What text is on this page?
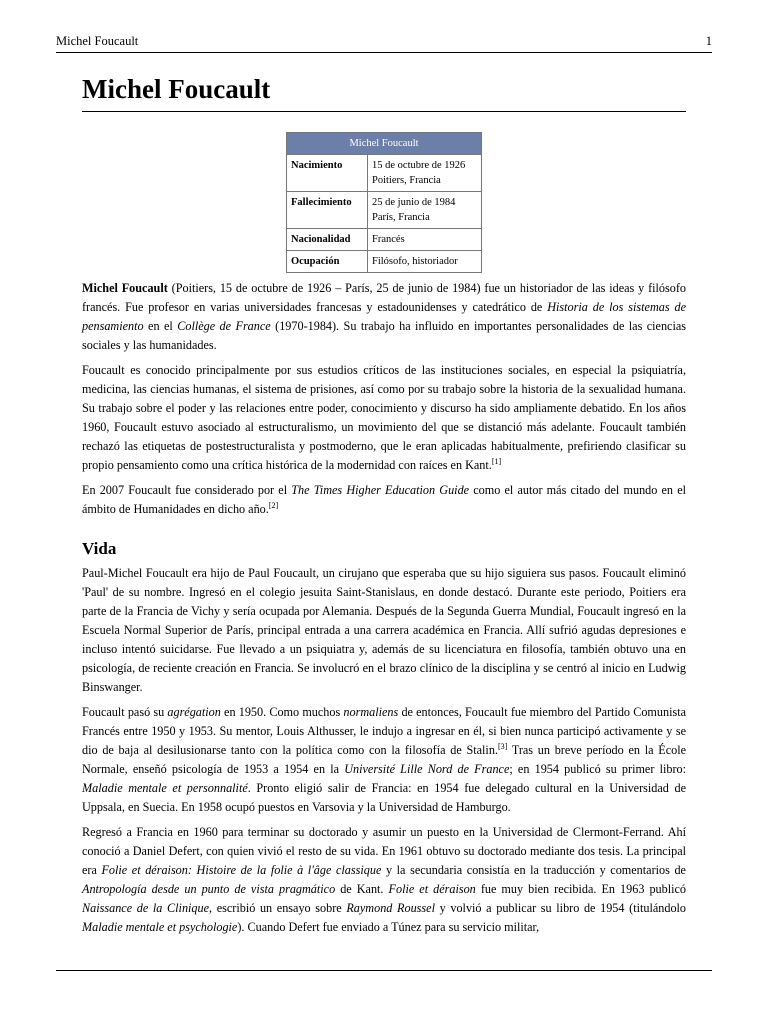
Michel Foucault	1
Michel Foucault
Michel Foucault	
Nacimiento	15 de octubre de 1926
Poitiers, Francia
Fallecimiento	25 de junio de 1984
París, Francia
Nacionalidad	Francés
Ocupación	Filósofo, historiador

Michel Foucault (Poitiers, 15 de octubre de 1926 – París, 25 de junio de 1984) fue un historiador de las ideas y filósofo francés. Fue profesor en varias universidades francesas y estadounidenses y catedrático de Historia de los sistemas de pensamiento en el Collège de France (1970-1984). Su trabajo ha influido en importantes personalidades de las ciencias sociales y las humanidades.

Foucault es conocido principalmente por sus estudios críticos de las instituciones sociales, en especial la psiquiatría, medicina, las ciencias humanas, el sistema de prisiones, así como por su trabajo sobre la historia de la sexualidad humana. Su trabajo sobre el poder y las relaciones entre poder, conocimiento y discurso ha sido ampliamente debatido. En los años 1960, Foucault estuvo asociado al estructuralismo, un movimiento del que se distanció más adelante. Foucault también rechazó las etiquetas de postestructuralista y postmoderno, que le eran aplicadas habitualmente, prefiriendo clasificar su propio pensamiento como una crítica histórica de la modernidad con raíces en Kant.[1]

En 2007 Foucault fue considerado por el The Times Higher Education Guide como el autor más citado del mundo en el ámbito de Humanidades en dicho año.[2]

Vida

Paul-Michel Foucault era hijo de Paul Foucault, un cirujano que esperaba que su hijo siguiera sus pasos. Foucault eliminó 'Paul' de su nombre. Ingresó en el colegio jesuita Saint-Stanislaus, en donde destacó. Durante este periodo, Poitiers era parte de la Francia de Vichy y sería ocupada por Alemania. Después de la Segunda Guerra Mundial, Foucault ingresó en la Escuela Normal Superior de París, principal entrada a una carrera académica en Francia. Allí sufrió agudas depresiones e incluso intentó suicidarse. Fue llevado a un psiquiatra y, además de su licenciatura en filosofía, también obtuvo una en psicología, de reciente creación en Francia. Se involucró en el brazo clínico de la disciplina y se centró al inicio en Ludwig Binswanger.

Foucault pasó su agrégation en 1950. Como muchos normaliens de entonces, Foucault fue miembro del Partido Comunista Francés entre 1950 y 1953. Su mentor, Louis Althusser, le indujo a ingresar en él, si bien nunca participó activamente y se dio de baja al desilusionarse tanto con la política como con la filosofía de Stalin.[3] Tras un breve período en la École Normale, enseñó psicología de 1953 a 1954 en la Université Lille Nord de France; en 1954 publicó su primer libro: Maladie mentale et personnalité. Pronto eligió salir de Francia: en 1954 fue delegado cultural en la Universidad de Uppsala, en Suecia. En 1958 ocupó puestos en Varsovia y la Universidad de Hamburgo.

Regresó a Francia en 1960 para terminar su doctorado y asumir un puesto en la Universidad de Clermont-Ferrand. Ahí conoció a Daniel Defert, con quien vivió el resto de su vida. En 1961 obtuvo su doctorado mediante dos tesis. La principal era Folie et déraison: Histoire de la folie à l'âge classique y la secundaria consistía en la traducción y comentarios de Antropología desde un punto de vista pragmático de Kant. Folie et déraison fue muy bien recibida. En 1963 publicó Naissance de la Clinique, escribió un ensayo sobre Raymond Roussel y volvió a publicar su libro de 1954 (titulándolo Maladie mentale et psychologie). Cuando Defert fue enviado a Túnez para su servicio militar,
